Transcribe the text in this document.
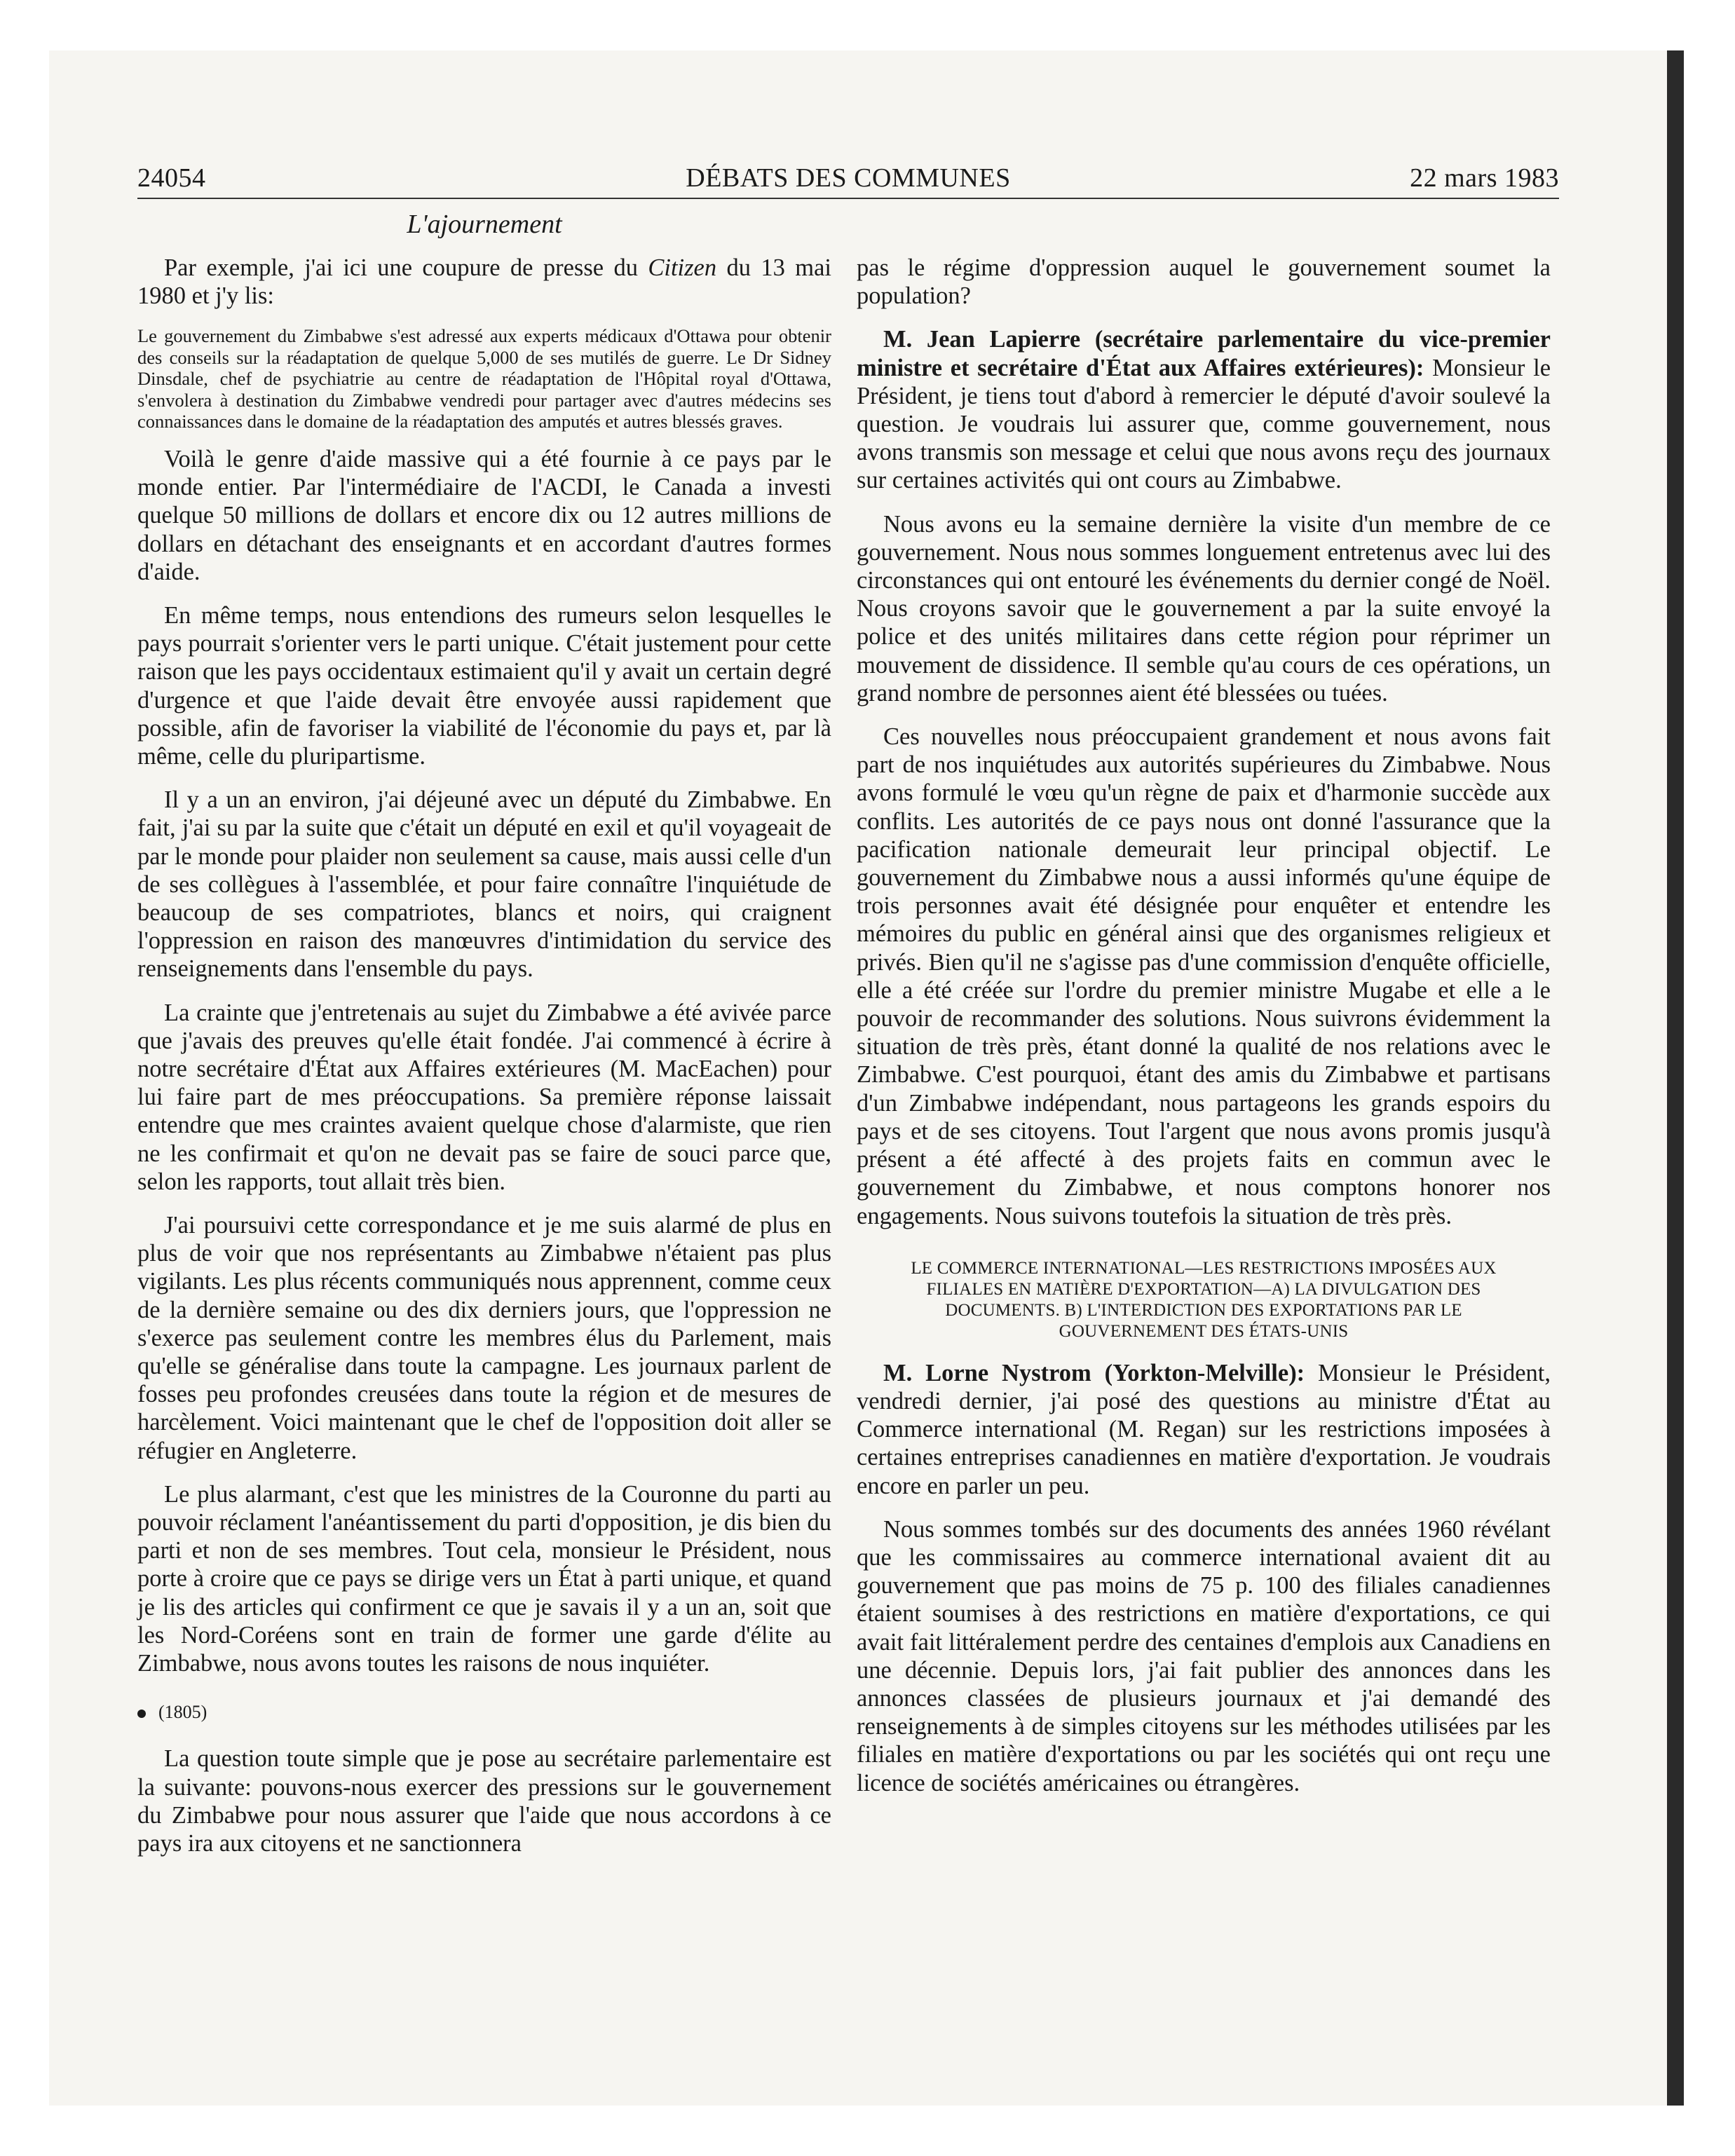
24054	DÉBATS DES COMMUNES	22 mars 1983
L'ajournement

Par exemple, j'ai ici une coupure de presse du Citizen du 13 mai 1980 et j'y lis:

Le gouvernement du Zimbabwe s'est adressé aux experts médicaux d'Ottawa pour obtenir des conseils sur la réadaptation de quelque 5,000 de ses mutilés de guerre. Le Dr Sidney Dinsdale, chef de psychiatrie au centre de réadaptation de l'Hôpital royal d'Ottawa, s'envolera à destination du Zimbabwe vendredi pour partager avec d'autres médecins ses connaissances dans le domaine de la réadaptation des amputés et autres blessés graves.

Voilà le genre d'aide massive qui a été fournie à ce pays par le monde entier. Par l'intermédiaire de l'ACDI, le Canada a investi quelque 50 millions de dollars et encore dix ou 12 autres millions de dollars en détachant des enseignants et en accordant d'autres formes d'aide.

En même temps, nous entendions des rumeurs selon lesquelles le pays pourrait s'orienter vers le parti unique. C'était justement pour cette raison que les pays occidentaux estimaient qu'il y avait un certain degré d'urgence et que l'aide devait être envoyée aussi rapidement que possible, afin de favoriser la viabilité de l'économie du pays et, par là même, celle du pluripartisme.

Il y a un an environ, j'ai déjeuné avec un député du Zimbabwe. En fait, j'ai su par la suite que c'était un député en exil et qu'il voyageait de par le monde pour plaider non seulement sa cause, mais aussi celle d'un de ses collègues à l'assemblée, et pour faire connaître l'inquiétude de beaucoup de ses compatriotes, blancs et noirs, qui craignent l'oppression en raison des manœuvres d'intimidation du service des renseignements dans l'ensemble du pays.

La crainte que j'entretenais au sujet du Zimbabwe a été avivée parce que j'avais des preuves qu'elle était fondée. J'ai commencé à écrire à notre secrétaire d'État aux Affaires extérieures (M. MacEachen) pour lui faire part de mes préoccupations. Sa première réponse laissait entendre que mes craintes avaient quelque chose d'alarmiste, que rien ne les confirmait et qu'on ne devait pas se faire de souci parce que, selon les rapports, tout allait très bien.

J'ai poursuivi cette correspondance et je me suis alarmé de plus en plus de voir que nos représentants au Zimbabwe n'étaient pas plus vigilants. Les plus récents communiqués nous apprennent, comme ceux de la dernière semaine ou des dix derniers jours, que l'oppression ne s'exerce pas seulement contre les membres élus du Parlement, mais qu'elle se généralise dans toute la campagne. Les journaux parlent de fosses peu profondes creusées dans toute la région et de mesures de harcèlement. Voici maintenant que le chef de l'opposition doit aller se réfugier en Angleterre.

Le plus alarmant, c'est que les ministres de la Couronne du parti au pouvoir réclament l'anéantissement du parti d'opposition, je dis bien du parti et non de ses membres. Tout cela, monsieur le Président, nous porte à croire que ce pays se dirige vers un État à parti unique, et quand je lis des articles qui confirment ce que je savais il y a un an, soit que les Nord-Coréens sont en train de former une garde d'élite au Zimbabwe, nous avons toutes les raisons de nous inquiéter.

(1805)

La question toute simple que je pose au secrétaire parlementaire est la suivante: pouvons-nous exercer des pressions sur le gouvernement du Zimbabwe pour nous assurer que l'aide que nous accordons à ce pays ira aux citoyens et ne sanctionnera

pas le régime d'oppression auquel le gouvernement soumet la population?

M. Jean Lapierre (secrétaire parlementaire du vice-premier ministre et secrétaire d'État aux Affaires extérieures): Monsieur le Président, je tiens tout d'abord à remercier le député d'avoir soulevé la question. Je voudrais lui assurer que, comme gouvernement, nous avons transmis son message et celui que nous avons reçu des journaux sur certaines activités qui ont cours au Zimbabwe.

Nous avons eu la semaine dernière la visite d'un membre de ce gouvernement. Nous nous sommes longuement entretenus avec lui des circonstances qui ont entouré les événements du dernier congé de Noël. Nous croyons savoir que le gouvernement a par la suite envoyé la police et des unités militaires dans cette région pour réprimer un mouvement de dissidence. Il semble qu'au cours de ces opérations, un grand nombre de personnes aient été blessées ou tuées.

Ces nouvelles nous préoccupaient grandement et nous avons fait part de nos inquiétudes aux autorités supérieures du Zimbabwe. Nous avons formulé le vœu qu'un règne de paix et d'harmonie succède aux conflits. Les autorités de ce pays nous ont donné l'assurance que la pacification nationale demeurait leur principal objectif. Le gouvernement du Zimbabwe nous a aussi informés qu'une équipe de trois personnes avait été désignée pour enquêter et entendre les mémoires du public en général ainsi que des organismes religieux et privés. Bien qu'il ne s'agisse pas d'une commission d'enquête officielle, elle a été créée sur l'ordre du premier ministre Mugabe et elle a le pouvoir de recommander des solutions. Nous suivrons évidemment la situation de très près, étant donné la qualité de nos relations avec le Zimbabwe. C'est pourquoi, étant des amis du Zimbabwe et partisans d'un Zimbabwe indépendant, nous partageons les grands espoirs du pays et de ses citoyens. Tout l'argent que nous avons promis jusqu'à présent a été affecté à des projets faits en commun avec le gouvernement du Zimbabwe, et nous comptons honorer nos engagements. Nous suivons toutefois la situation de très près.

LE COMMERCE INTERNATIONAL—LES RESTRICTIONS IMPOSÉES AUX FILIALES EN MATIÈRE D'EXPORTATION—A) LA DIVULGATION DES DOCUMENTS. B) L'INTERDICTION DES EXPORTATIONS PAR LE GOUVERNEMENT DES ÉTATS-UNIS

M. Lorne Nystrom (Yorkton-Melville): Monsieur le Président, vendredi dernier, j'ai posé des questions au ministre d'État au Commerce international (M. Regan) sur les restrictions imposées à certaines entreprises canadiennes en matière d'exportation. Je voudrais encore en parler un peu.

Nous sommes tombés sur des documents des années 1960 révélant que les commissaires au commerce international avaient dit au gouvernement que pas moins de 75 p. 100 des filiales canadiennes étaient soumises à des restrictions en matière d'exportations, ce qui avait fait littéralement perdre des centaines d'emplois aux Canadiens en une décennie. Depuis lors, j'ai fait publier des annonces dans les annonces classées de plusieurs journaux et j'ai demandé des renseignements à de simples citoyens sur les méthodes utilisées par les filiales en matière d'exportations ou par les sociétés qui ont reçu une licence de sociétés américaines ou étrangères.
